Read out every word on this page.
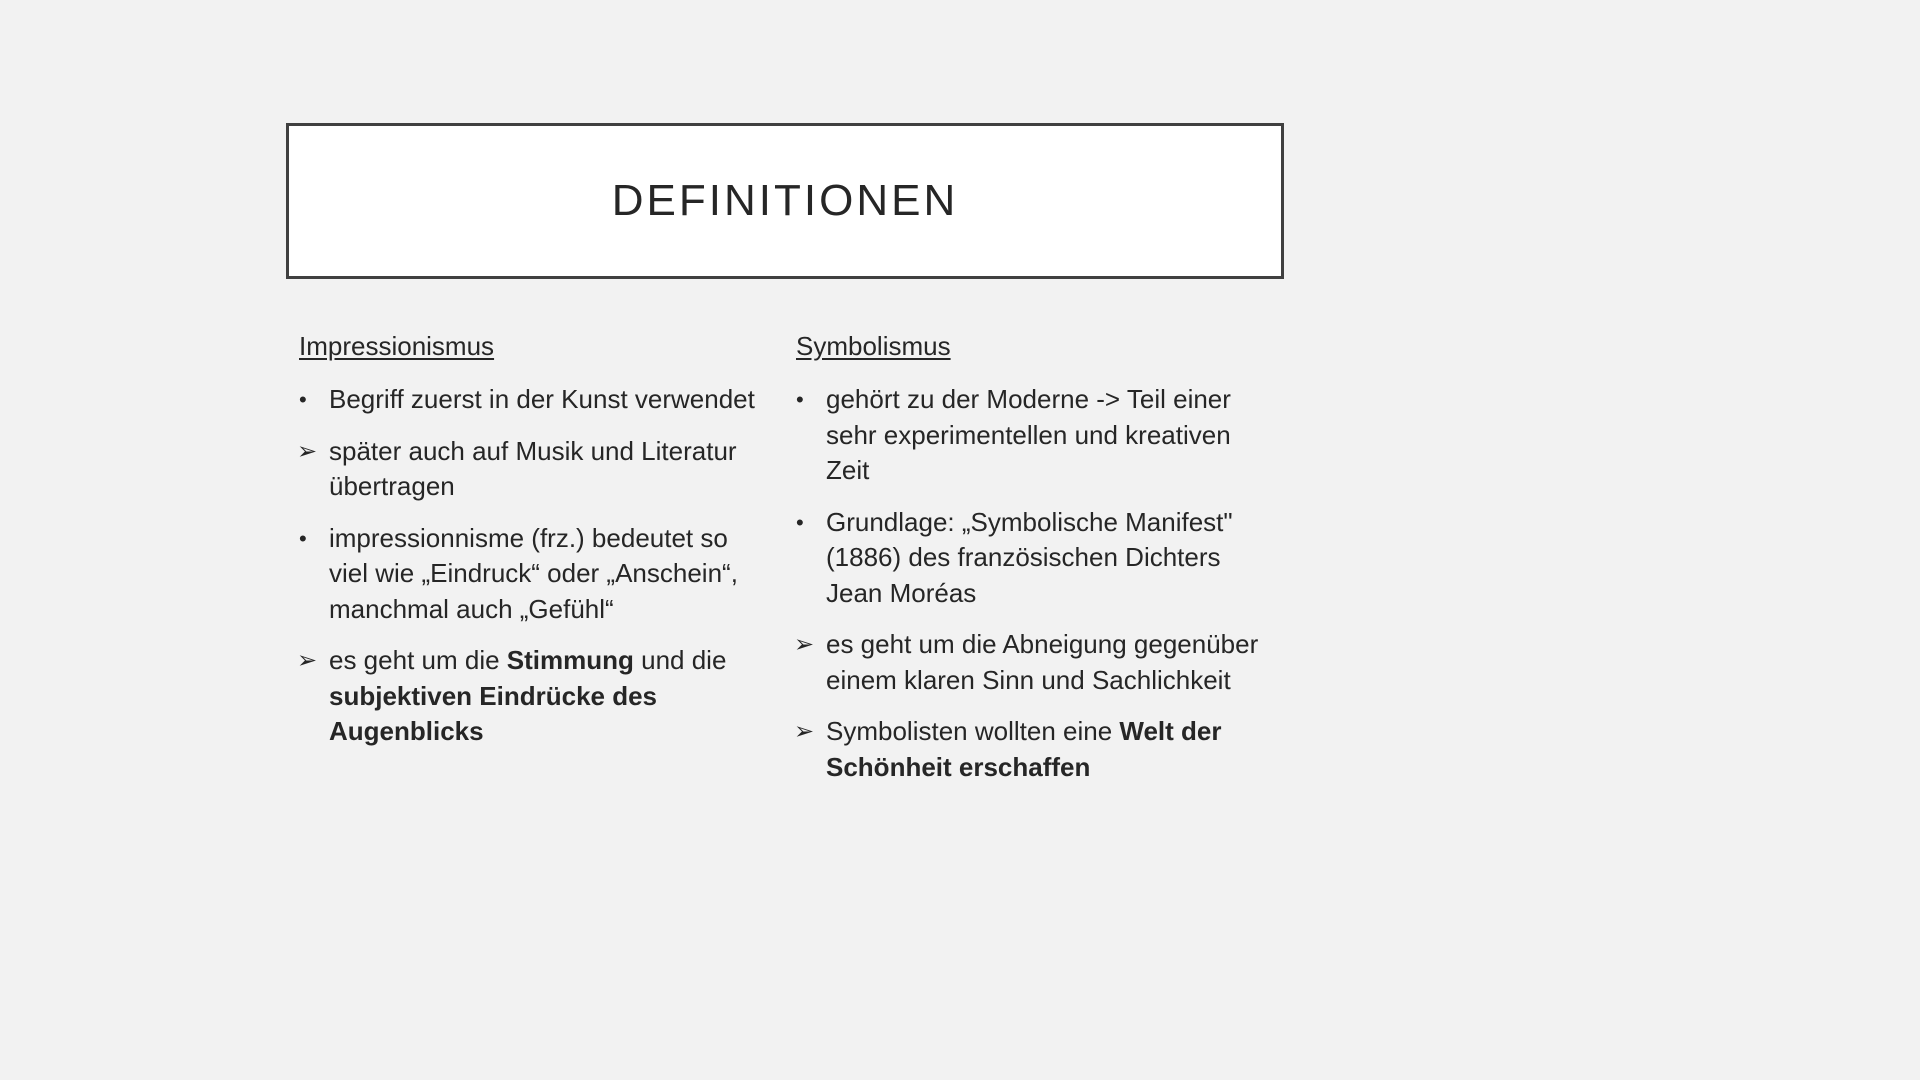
DEFINITIONEN
Impressionismus
• Begriff zuerst in der Kunst verwendet
➢ später auch auf Musik und Literatur übertragen
• impressionnisme (frz.) bedeutet so viel wie „Eindruck“ oder „Anschein“, manchmal auch „Gefühl“
➢ es geht um die Stimmung und die subjektiven Eindrücke des Augenblicks
Symbolismus
• gehört zu der Moderne -> Teil einer sehr experimentellen und kreativen Zeit
• Grundlage: „Symbolische Manifest" (1886) des französischen Dichters Jean Moréas
➢ es geht um die Abneigung gegenüber einem klaren Sinn und Sachlichkeit
➢ Symbolisten wollten eine Welt der Schönheit erschaffen
